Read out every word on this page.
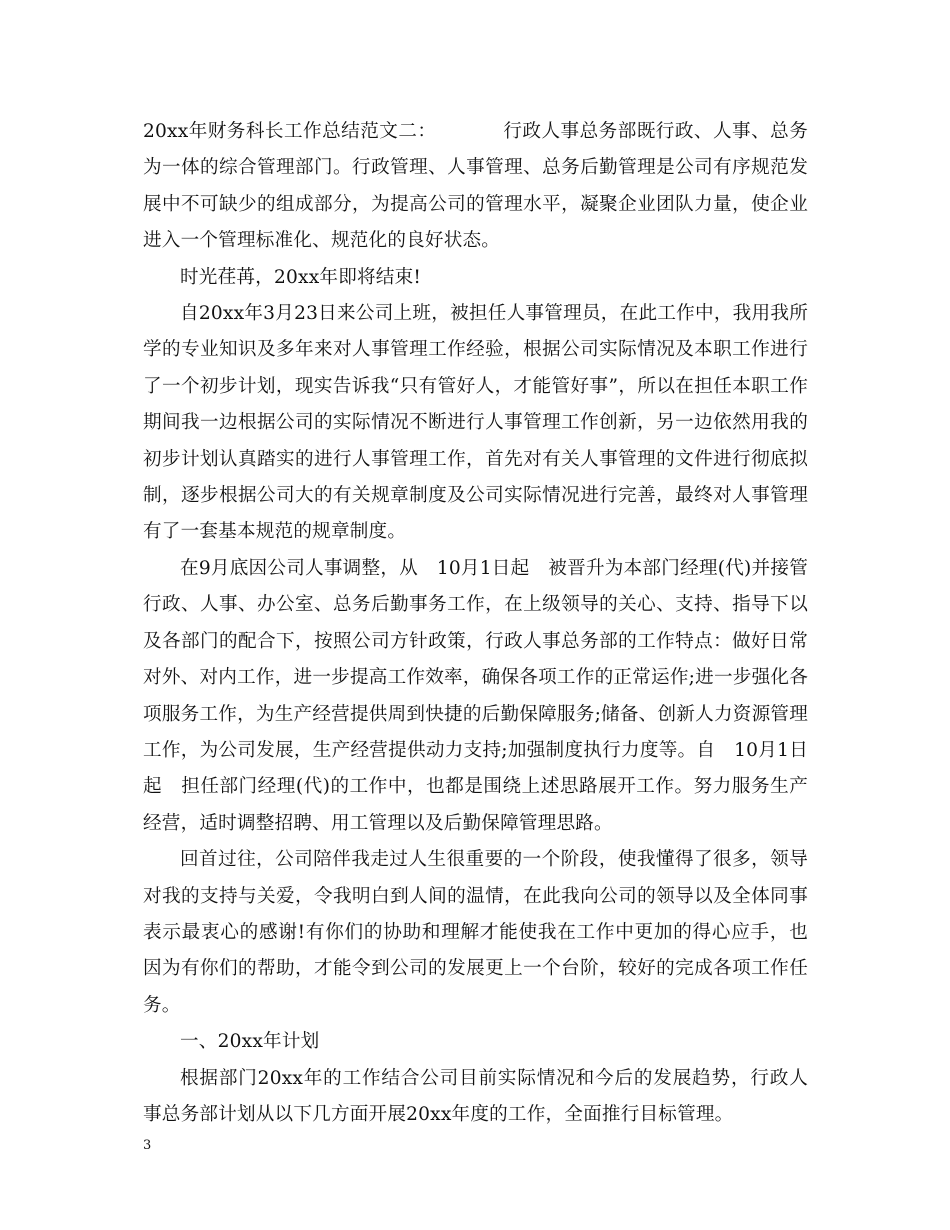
20xx年财务科长工作总结范文二：　　　　行政人事总务部既行政、人事、总务为一体的综合管理部门。行政管理、人事管理、总务后勤管理是公司有序规范发展中不可缺少的组成部分，为提高公司的管理水平，凝聚企业团队力量，使企业进入一个管理标准化、规范化的良好状态。

时光荏苒，20xx年即将结束!

自20xx年3月23日来公司上班，被担任人事管理员，在此工作中，我用我所学的专业知识及多年来对人事管理工作经验，根据公司实际情况及本职工作进行了一个初步计划，现实告诉我“只有管好人，才能管好事”，所以在担任本职工作期间我一边根据公司的实际情况不断进行人事管理工作创新，另一边依然用我的初步计划认真踏实的进行人事管理工作，首先对有关人事管理的文件进行彻底拟制，逐步根据公司大的有关规章制度及公司实际情况进行完善，最终对人事管理有了一套基本规范的规章制度。

在9月底因公司人事调整，从　10月1日起　被晋升为本部门经理(代)并接管行政、人事、办公室、总务后勤事务工作，在上级领导的关心、支持、指导下以及各部门的配合下，按照公司方针政策，行政人事总务部的工作特点：做好日常对外、对内工作，进一步提高工作效率，确保各项工作的正常运作;进一步强化各项服务工作，为生产经营提供周到快捷的后勤保障服务;储备、创新人力资源管理工作，为公司发展，生产经营提供动力支持;加强制度执行力度等。自　10月1日起　担任部门经理(代)的工作中，也都是围绕上述思路展开工作。努力服务生产经营，适时调整招聘、用工管理以及后勤保障管理思路。

回首过往，公司陪伴我走过人生很重要的一个阶段，使我懂得了很多，领导对我的支持与关爱，令我明白到人间的温情，在此我向公司的领导以及全体同事表示最衷心的感谢!有你们的协助和理解才能使我在工作中更加的得心应手，也因为有你们的帮助，才能令到公司的发展更上一个台阶，较好的完成各项工作任务。

一、20xx年计划

根据部门20xx年的工作结合公司目前实际情况和今后的发展趋势，行政人事总务部计划从以下几方面开展20xx年度的工作，全面推行目标管理。

3
